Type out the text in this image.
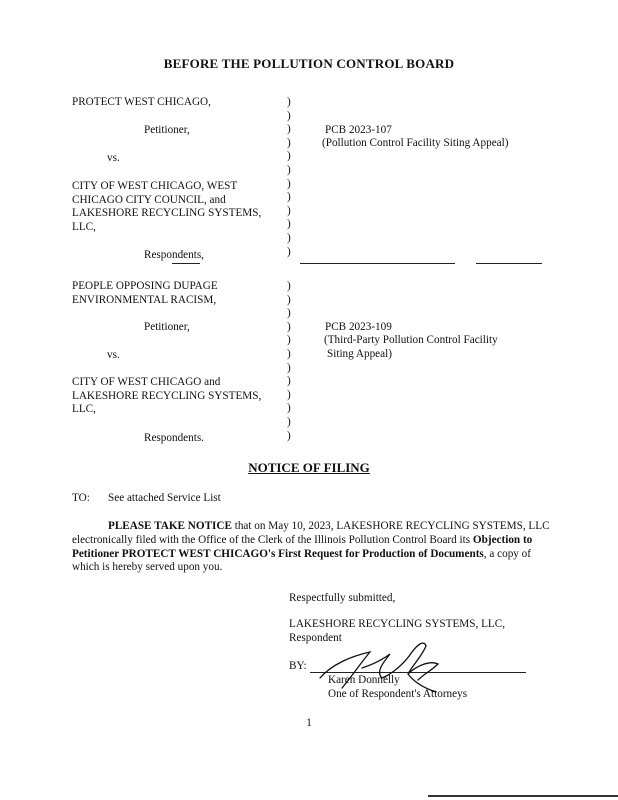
BEFORE THE POLLUTION CONTROL BOARD
PROTECT WEST CHICAGO,
Petitioner,
vs.
CITY OF WEST CHICAGO, WEST
CHICAGO CITY COUNCIL, and
LAKESHORE RECYCLING SYSTEMS,
LLC,
Respondents,
)
)
)
)
)
)
)
)
)
)
)
)
PCB 2023-107
(Pollution Control Facility Siting Appeal)
PEOPLE OPPOSING DUPAGE
ENVIRONMENTAL RACISM,
Petitioner,
vs.
CITY OF WEST CHICAGO and
LAKESHORE RECYCLING SYSTEMS,
LLC,
Respondents.
)
)
)
)
)
)
)
)
)
)
)
)
PCB 2023-109
(Third-Party Pollution Control Facility
Siting Appeal)
NOTICE OF FILING
TO: See attached Service List
PLEASE TAKE NOTICE that on May 10, 2023, LAKESHORE RECYCLING SYSTEMS, LLC electronically filed with the Office of the Clerk of the Illinois Pollution Control Board its Objection to Petitioner PROTECT WEST CHICAGO's First Request for Production of Documents, a copy of which is hereby served upon you.
Respectfully submitted,
LAKESHORE RECYCLING SYSTEMS, LLC,
Respondent
BY:
Karen Donnelly
One of Respondent's Attorneys
1
